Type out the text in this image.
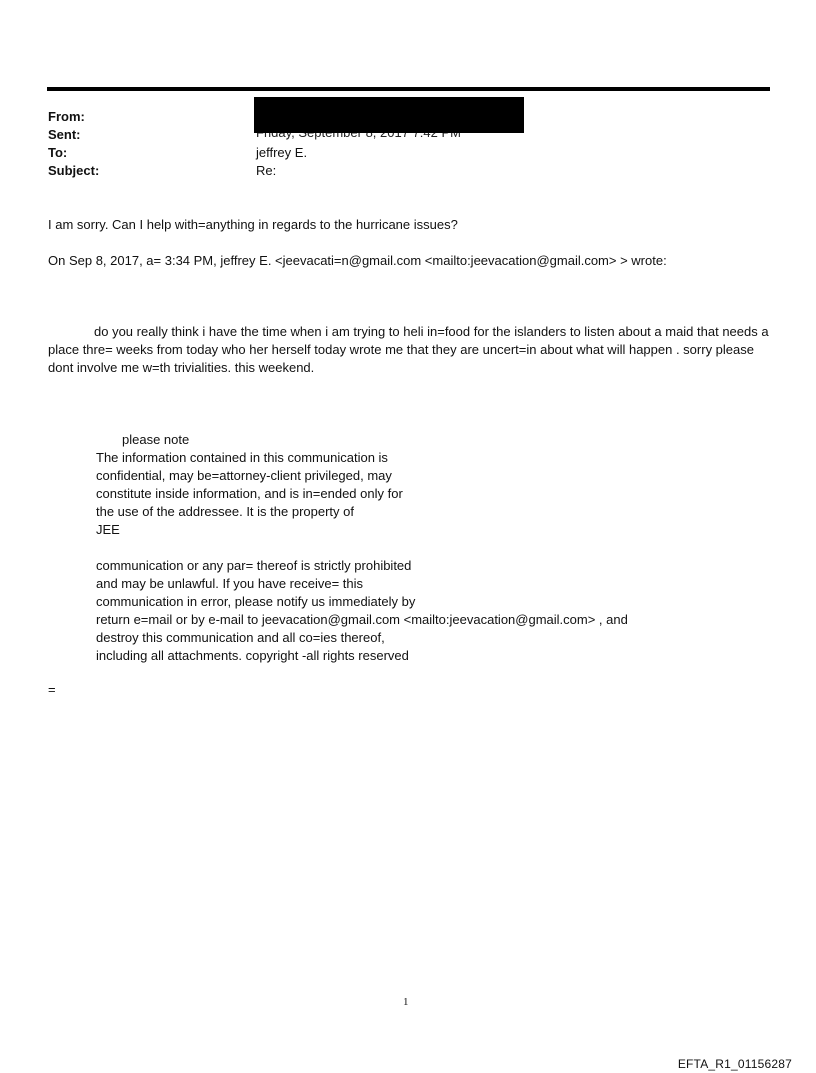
From:
Sent:
To:
Subject:
jeffrey E.
Re:
I am sorry. Can I help with=anything in regards to the hurricane issues?
On Sep 8, 2017, a= 3:34 PM, jeffrey E. <jeevacati=n@gmail.com <mailto:jeevacation@gmail.com> > wrote:
do you really think i have the time when i am trying to heli in=food for the islanders to listen about a maid that needs a place thre= weeks from today who her herself today wrote me that they are uncert=in about what will happen . sorry please dont involve me w=th trivialities. this weekend.
please note
The information contained in this communication is
confidential, may be=attorney-client privileged, may
constitute inside information, and is in=ended only for
the use of the addressee. It is the property of
JEE
communication or any par= thereof is strictly prohibited
and may be unlawful. If you have receive= this
communication in error, please notify us immediately by
return e=mail or by e-mail to jeevacation@gmail.com <mailto:jeevacation@gmail.com> , and
destroy this communication and all co=ies thereof,
including all attachments. copyright -all rights reserved
=
1
EFTA_R1_01156287
